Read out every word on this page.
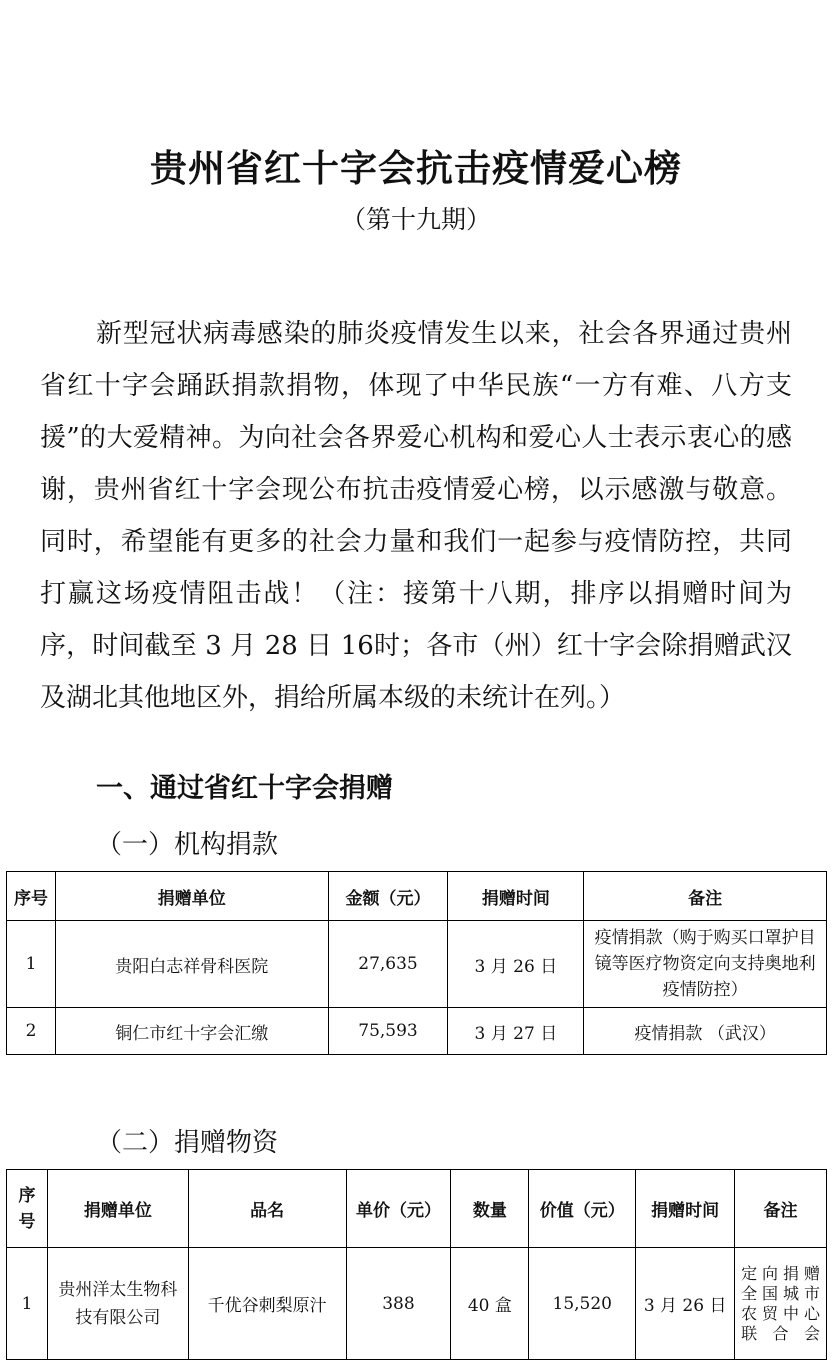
贵州省红十字会抗击疫情爱心榜
（第十九期）

新型冠状病毒感染的肺炎疫情发生以来，社会各界通过贵州省红十字会踊跃捐款捐物，体现了中华民族“一方有难、八方支援”的大爱精神。为向社会各界爱心机构和爱心人士表示衷心的感谢，贵州省红十字会现公布抗击疫情爱心榜，以示感激与敬意。同时，希望能有更多的社会力量和我们一起参与疫情防控，共同打赢这场疫情阻击战！（注：接第十八期，排序以捐赠时间为序，时间截至 3 月 28 日 16时；各市（州）红十字会除捐赠武汉及湖北其他地区外，捐给所属本级的未统计在列。）

一、通过省红十字会捐赠
（一）机构捐款
序号	捐赠单位	金额（元）	捐赠时间	备注
1	贵阳白志祥骨科医院	27,635	3 月 26 日	疫情捐款（购于购买口罩护目镜等医疗物资定向支持奥地利疫情防控）
2	铜仁市红十字会汇缴	75,593	3 月 27 日	疫情捐款 （武汉）
（二）捐赠物资
序号	捐赠单位	品名	单价（元）	数量	价值（元）	捐赠时间	备注
1	贵州洋太生物科技有限公司	千优谷刺梨原汁	388	40 盒	15,520	3 月 26 日	定向捐赠全国城市农贸中心联合会
